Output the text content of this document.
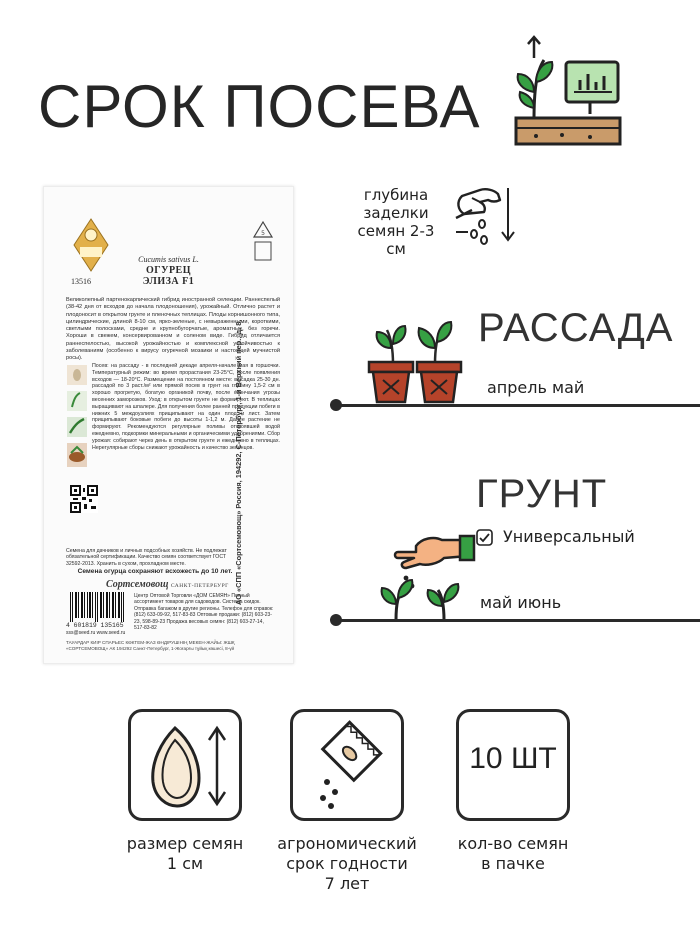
СРОК ПОСЕВА
5
Cucumis sativus L.
ОГУРЕЦ
ЭЛИЗА F1
13516
Великолепный партенокарпический гибрид иностранной селекции. Раннеспелый (38-42 дня от всходов до начала плодоношения), урожайный. Отлично растет и плодоносит в открытом грунте и пленочных теплицах. Плоды корнишонного типа, цилиндрические, длиной 8-10 см, ярко-зеленые, с невыраженными, короткими, светлыми полосками, средне и крупнобугорчатые, ароматные, без горечи. Хороши в свежем, консервированном и соленом виде. Гибрид отличается раннеспелостью, высокой урожайностью и комплексной устойчивостью к заболеваниям (особенно к вирусу огуречной мозаики и настоящей мучнистой росы).
Посев: на рассаду - в последней декаде апреля-начале мая в горшочки. Температурный режим: во время прорастания 23-25°С, после появления всходов — 18-20°С. Размещение на постоянном месте: высадка 25-30 дн. рассадой по 3 раст./м² или прямой посев в грунт на глубину 1,5-2 см в хорошо прогретую, богатую органикой почву, после окончания угрозы весенних заморозков. Уход: в открытом грунте не формируют. В теплицах выращивают на шпалере. Для получения более ранней продукции побеги в нижних 5 междоузлиях прищипывают на один плод и лист. Затем прищипывают боковые побеги до высоты 1-1,2 м. Далее растение не формируют. Рекомендуются регулярные поливы отстоявшей водой ежедневно, подкормки минеральными и органическими удобрениями. Сбор урожая: собирают через день в открытом грунте и ежедневно в теплицах. Нерегулярные сборы снижают урожайность и качество зеленцов.
АО «СПП «Сортсемовощ» Россия, 194292, С-Петербург, 1-й Верхний пер., д. 8.
Семена для дачников и личных подсобных хозяйств. Не подлежат обязательной сертификации. Качество семян соответствует ГОСТ 32592-2013. Хранить в сухом, прохладном месте.
Семена огурца сохраняют всхожесть до 10 лет.
Сортсемовощ САНКТ-ПЕТЕРБУРГ
4 601819 135165
Центр Оптовой Торговли «ДОМ СЕМЯН» Полный ассортимент товаров для садоводов. Система скидок. Отправка багажом в другие регионы. Телефон для справок: (812) 633-09-92, 517-83-83 Оптовые продажи: (812) 603-23-23, 598-89-23 Продажа весовых семян: (812) 603-27-14, 517-83-82
sss@seed.ru www.seed.ru
ТАУАРДАР КИІР СПАРЬЕС КӨКТЕМ-ЖАЗ ӨНДІРУШІНІҢ МЕКЕН-ЖАЙЫ: ЖШҚ «СОРТСЕМОВОЩ» АК 194292 Санкт-Петербург, 1-Жоғарғы тұйық көшесі, 8-үй
глубина заделки семян 2-3 см
РАССАДА
апрель май
ГРУНТ
Универсальный
май июнь
10 ШТ
размер семян
1 см
агрономический
срок годности
7 лет
кол-во семян
в пачке
